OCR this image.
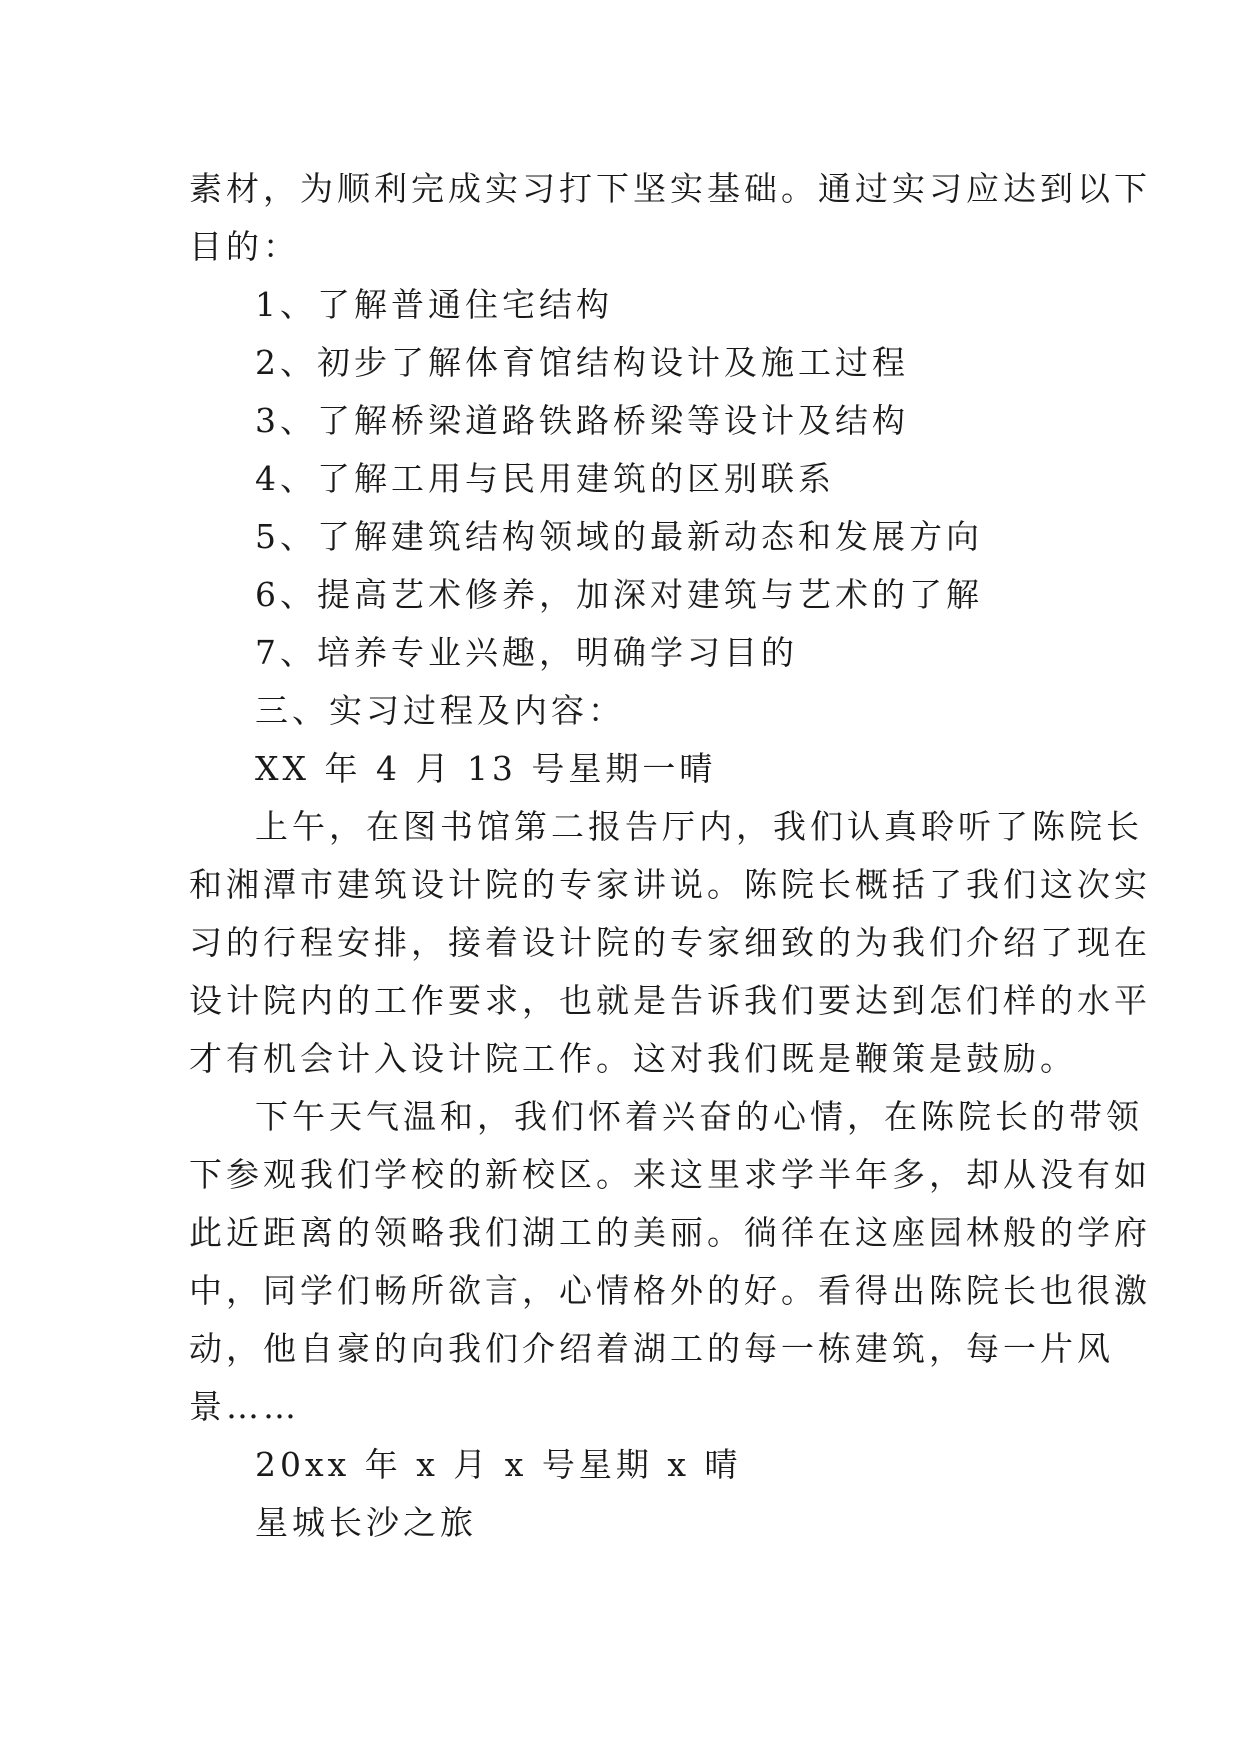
素材，为顺利完成实习打下坚实基础。通过实习应达到以下
目的：
1、了解普通住宅结构
2、初步了解体育馆结构设计及施工过程
3、了解桥梁道路铁路桥梁等设计及结构
4、了解工用与民用建筑的区别联系
5、了解建筑结构领域的最新动态和发展方向
6、提高艺术修养，加深对建筑与艺术的了解
7、培养专业兴趣，明确学习目的
三、实习过程及内容：
XX 年 4 月 13 号星期一晴
上午，在图书馆第二报告厅内，我们认真聆听了陈院长
和湘潭市建筑设计院的专家讲说。陈院长概括了我们这次实
习的行程安排，接着设计院的专家细致的为我们介绍了现在
设计院内的工作要求，也就是告诉我们要达到怎们样的水平
才有机会计入设计院工作。这对我们既是鞭策是鼓励。
下午天气温和，我们怀着兴奋的心情，在陈院长的带领
下参观我们学校的新校区。来这里求学半年多，却从没有如
此近距离的领略我们湖工的美丽。徜徉在这座园林般的学府
中，同学们畅所欲言，心情格外的好。看得出陈院长也很激
动，他自豪的向我们介绍着湖工的每一栋建筑，每一片风
景……
20xx 年 x 月 x 号星期 x 晴
星城长沙之旅
